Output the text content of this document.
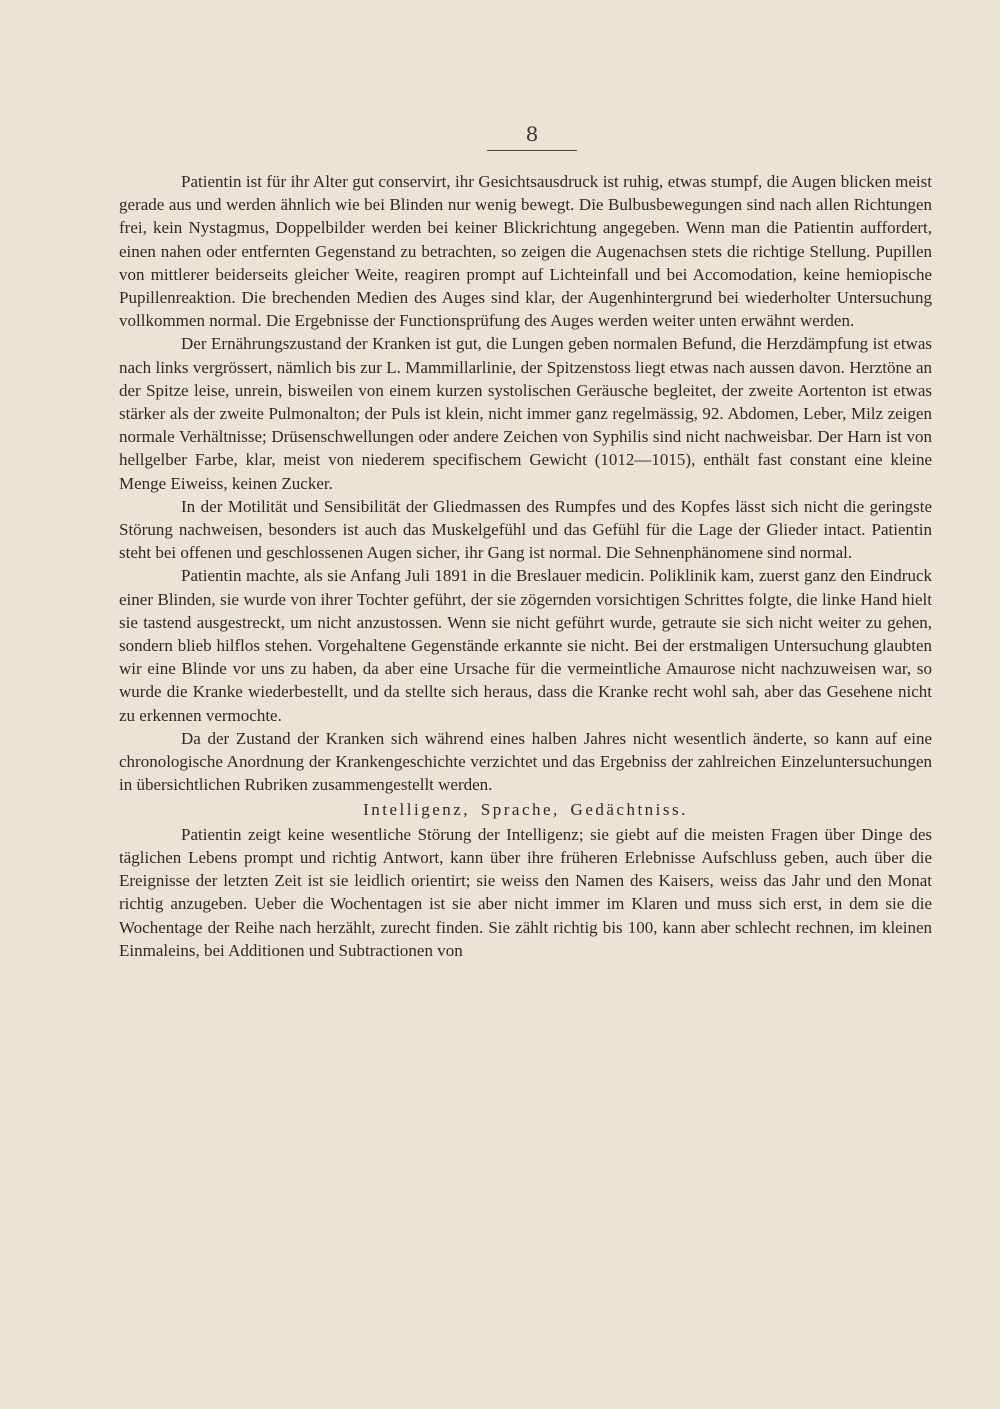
8

Patientin ist für ihr Alter gut conservirt, ihr Gesichtsausdruck ist ruhig, etwas stumpf, die Augen blicken meist gerade aus und werden ähnlich wie bei Blinden nur wenig bewegt. Die Bulbusbewegungen sind nach allen Richtungen frei, kein Nystagmus, Doppelbilder werden bei keiner Blickrichtung angegeben. Wenn man die Patientin auffordert, einen nahen oder entfernten Gegenstand zu betrachten, so zeigen die Augenachsen stets die richtige Stellung. Pupillen von mittlerer beiderseits gleicher Weite, reagiren prompt auf Lichteinfall und bei Accomodation, keine hemiopische Pupillenreaktion. Die brechenden Medien des Auges sind klar, der Augenhintergrund bei wiederholter Untersuchung vollkommen normal. Die Ergebnisse der Functionsprüfung des Auges werden weiter unten erwähnt werden.

Der Ernährungszustand der Kranken ist gut, die Lungen geben normalen Befund, die Herzdämpfung ist etwas nach links vergrössert, nämlich bis zur L. Mammillarlinie, der Spitzenstoss liegt etwas nach aussen davon. Herztöne an der Spitze leise, unrein, bisweilen von einem kurzen systolischen Geräusche begleitet, der zweite Aortenton ist etwas stärker als der zweite Pulmonalton; der Puls ist klein, nicht immer ganz regelmässig, 92. Abdomen, Leber, Milz zeigen normale Verhältnisse; Drüsenschwellungen oder andere Zeichen von Syphilis sind nicht nachweisbar. Der Harn ist von hellgelber Farbe, klar, meist von niederem specifischem Gewicht (1012—1015), enthält fast constant eine kleine Menge Eiweiss, keinen Zucker.

In der Motilität und Sensibilität der Gliedmassen des Rumpfes und des Kopfes lässt sich nicht die geringste Störung nachweisen, besonders ist auch das Muskelgefühl und das Gefühl für die Lage der Glieder intact. Patientin steht bei offenen und geschlossenen Augen sicher, ihr Gang ist normal. Die Sehnenphänomene sind normal.

Patientin machte, als sie Anfang Juli 1891 in die Breslauer medicin. Poliklinik kam, zuerst ganz den Eindruck einer Blinden, sie wurde von ihrer Tochter geführt, der sie zögernden vorsichtigen Schrittes folgte, die linke Hand hielt sie tastend ausgestreckt, um nicht anzustossen. Wenn sie nicht geführt wurde, getraute sie sich nicht weiter zu gehen, sondern blieb hilflos stehen. Vorgehaltene Gegenstände erkannte sie nicht. Bei der erstmaligen Untersuchung glaubten wir eine Blinde vor uns zu haben, da aber eine Ursache für die vermeintliche Amaurose nicht nachzuweisen war, so wurde die Kranke wiederbestellt, und da stellte sich heraus, dass die Kranke recht wohl sah, aber das Gesehene nicht zu erkennen vermochte.

Da der Zustand der Kranken sich während eines halben Jahres nicht wesentlich änderte, so kann auf eine chronologische Anordnung der Krankengeschichte verzichtet und das Ergebniss der zahlreichen Einzeluntersuchungen in übersichtlichen Rubriken zusammengestellt werden.

Intelligenz, Sprache, Gedächtniss.

Patientin zeigt keine wesentliche Störung der Intelligenz; sie giebt auf die meisten Fragen über Dinge des täglichen Lebens prompt und richtig Antwort, kann über ihre früheren Erlebnisse Aufschluss geben, auch über die Ereignisse der letzten Zeit ist sie leidlich orientirt; sie weiss den Namen des Kaisers, weiss das Jahr und den Monat richtig anzugeben. Ueber die Wochentagen ist sie aber nicht immer im Klaren und muss sich erst, in dem sie die Wochentage der Reihe nach herzählt, zurecht finden. Sie zählt richtig bis 100, kann aber schlecht rechnen, im kleinen Einmaleins, bei Additionen und Subtractionen von
